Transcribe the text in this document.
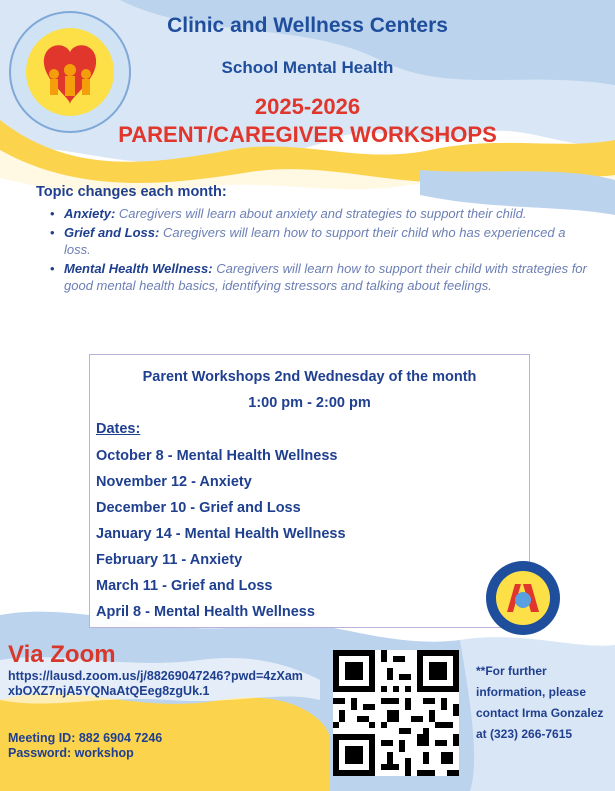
Clinic and Wellness Centers
School Mental Health
2025-2026
PARENT/CAREGIVER WORKSHOPS
Topic changes each month:
• Anxiety: Caregivers will learn about anxiety and strategies to support their child.
• Grief and Loss: Caregivers will learn how to support their child who has experienced a loss.
• Mental Health Wellness: Caregivers will learn how to support their child with strategies for good mental health basics, identifying stressors and talking about feelings.
Parent Workshops 2nd Wednesday of the month
1:00 pm - 2:00 pm
Dates:
October 8 - Mental Health Wellness
November 12 - Anxiety
December 10 - Grief and Loss
January 14 - Mental Health Wellness
February 11 - Anxiety
March 11 - Grief and Loss
April 8 - Mental Health Wellness
Via Zoom
https://lausd.zoom.us/j/88269047246?pwd=4zXamxbOXZ7njA5YQNaAtQEeg8zgUk.1
Meeting ID: 882 6904 7246
Password: workshop
**For further information, please contact Irma Gonzalez at (323) 266-7615
